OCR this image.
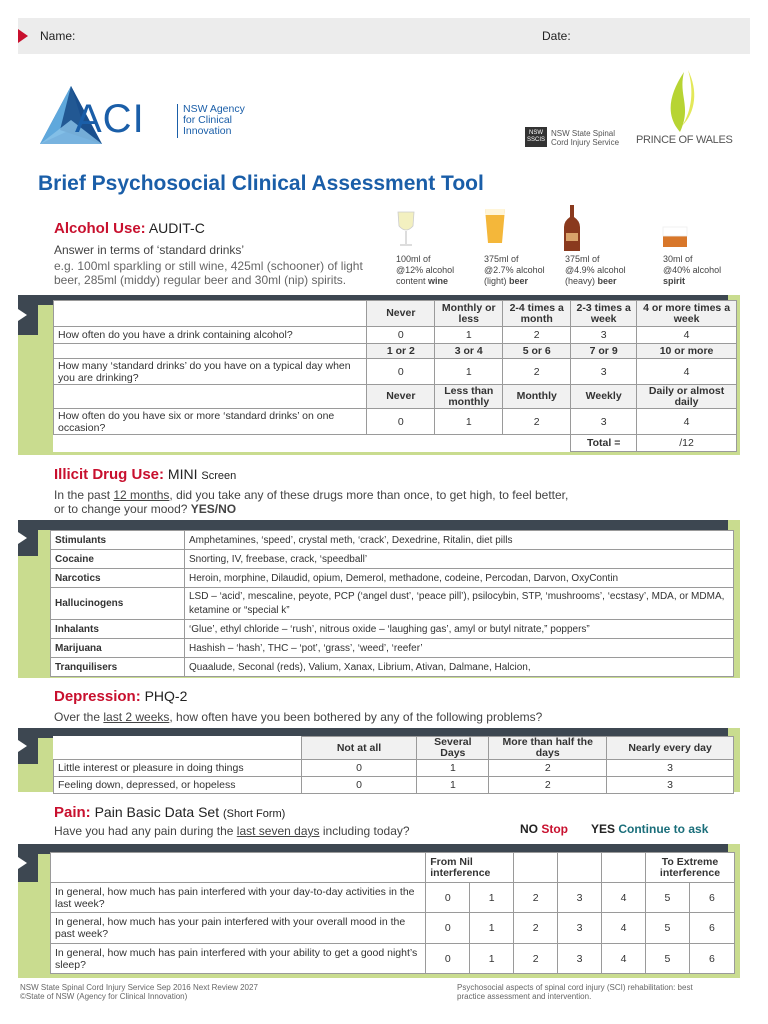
Name:	Date:
ACI	NSW Agency
for Clinical
Innovation	NSW
SSCIS
NSW State Spinal
Cord Injury Service PRINCE OF WALES
Brief Psychosocial Clinical Assessment Tool
Alcohol Use: AUDIT-C
Answer in terms of ‘standard drinks’
e.g. 100ml sparkling or still wine, 425ml (schooner) of light
beer, 285ml (middy) regular beer and 30ml (nip) spirits.
100ml of
@12% alcohol
content wine
375ml of
@2.7% alcohol
(light) beer
375ml of
@4.9% alcohol
(heavy) beer
30ml of
@40% alcohol
spirit
	Never	Monthly or less	2-4 times a month	2-3 times a week	4 or more times a week
How often do you have a drink containing alcohol?	0	1	2	3	4
	1 or 2	3 or 4	5 or 6	7 or 9	10 or more
How many ‘standard drinks’ do you have on a typical day when you are drinking?	0	1	2	3	4
	Never	Less than monthly	Monthly	Weekly	Daily or almost daily
How often do you have six or more ‘standard drinks’ on one occasion?	0	1	2	3	4
				Total =	/12
Illicit Drug Use: MINI Screen
In the past 12 months, did you take any of these drugs more than once, to get high, to feel better,
or to change your mood? YES/NO
Stimulants	Amphetamines, ‘speed’, crystal meth, ‘crack’, Dexedrine, Ritalin, diet pills
Cocaine	Snorting, IV, freebase, crack, ‘speedball’
Narcotics	Heroin, morphine, Dilaudid, opium, Demerol, methadone, codeine, Percodan, Darvon, OxyContin
Hallucinogens	LSD – ‘acid’, mescaline, peyote, PCP (‘angel dust’, ‘peace pill’), psilocybin, STP, ‘mushrooms’, ‘ecstasy’, MDA, or MDMA, ketamine or “special k”
Inhalants	‘Glue’, ethyl chloride – ‘rush’, nitrous oxide – ‘laughing gas’, amyl or butyl nitrate,” poppers”
Marijuana	Hashish – ‘hash’, THC – ‘pot’, ‘grass’, ‘weed’, ‘reefer’
Tranquilisers	Quaalude, Seconal (reds), Valium, Xanax, Librium, Ativan, Dalmane, Halcion,
Depression: PHQ-2
Over the last 2 weeks, how often have you been bothered by any of the following problems?
	Not at all	Several Days	More than half the days	Nearly every day
Little interest or pleasure in doing things	0	1	2	3
Feeling down, depressed, or hopeless	0	1	2	3
Pain: Pain Basic Data Set (Short Form)
Have you had any pain during the last seven days including today?	NO Stop YES Continue to ask
	From Nil interference					To Extreme interference	
In general, how much has pain interfered with your day-to-day activities in the last week?	0	1	2	3	4	5	6
In general, how much has your pain interfered with your overall mood in the past week?	0	1	2	3	4	5	6
In general, how much has pain interfered with your ability to get a good night’s sleep?	0	1	2	3	4	5	6
NSW State Spinal Cord Injury Service Sep 2016 Next Review 2027
©State of NSW (Agency for Clinical Innovation)
Psychosocial aspects of spinal cord injury (SCI) rehabilitation: best
practice assessment and intervention.
